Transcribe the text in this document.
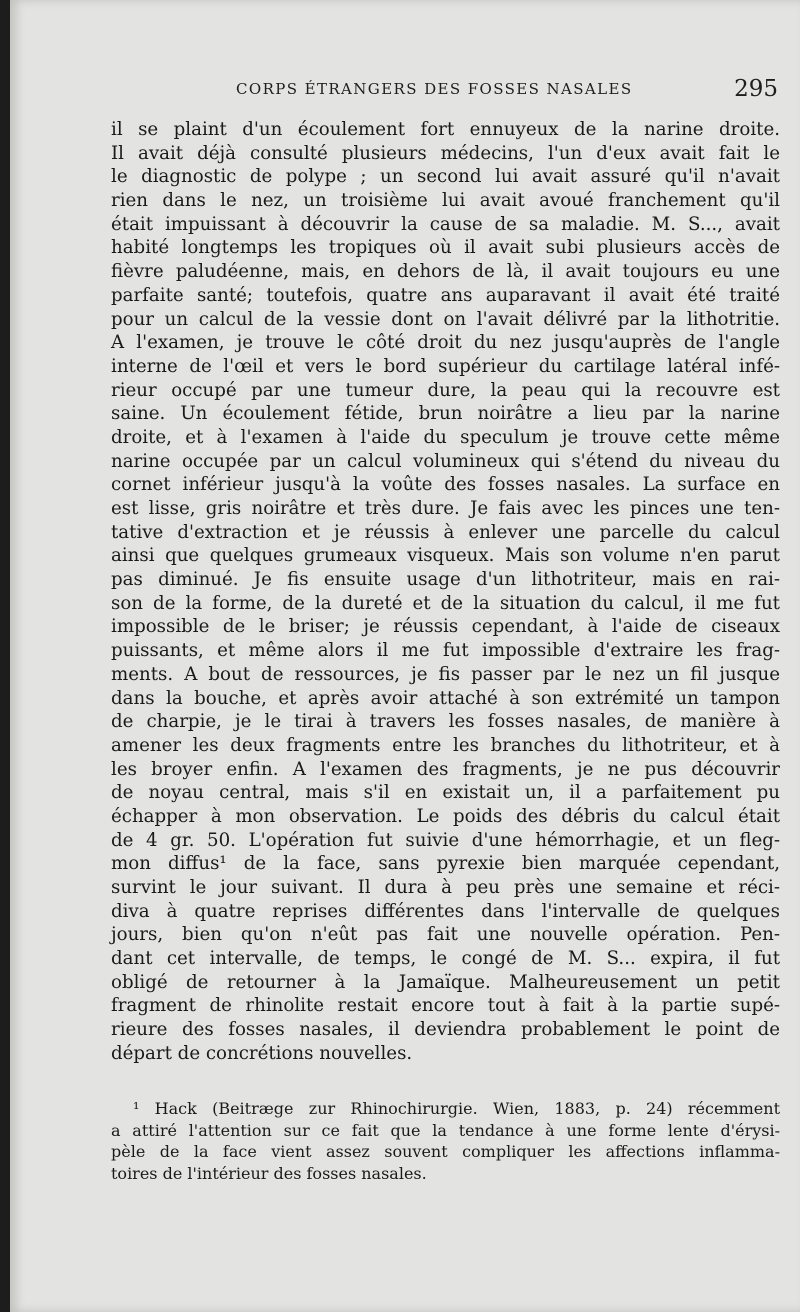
CORPS ÉTRANGERS DES FOSSES NASALES	295
il se plaint d'un écoulement fort ennuyeux de la narine droite.
Il avait déjà consulté plusieurs médecins, l'un d'eux avait fait le
le diagnostic de polype ; un second lui avait assuré qu'il n'avait
rien dans le nez, un troisième lui avait avoué franchement qu'il
était impuissant à découvrir la cause de sa maladie. M. S..., avait
habité longtemps les tropiques où il avait subi plusieurs accès de
fièvre paludéenne, mais, en dehors de là, il avait toujours eu une
parfaite santé; toutefois, quatre ans auparavant il avait été traité
pour un calcul de la vessie dont on l'avait délivré par la lithotritie.
A l'examen, je trouve le côté droit du nez jusqu'auprès de l'angle
interne de l'œil et vers le bord supérieur du cartilage latéral infé-
rieur occupé par une tumeur dure, la peau qui la recouvre est
saine. Un écoulement fétide, brun noirâtre a lieu par la narine
droite, et à l'examen à l'aide du speculum je trouve cette même
narine occupée par un calcul volumineux qui s'étend du niveau du
cornet inférieur jusqu'à la voûte des fosses nasales. La surface en
est lisse, gris noirâtre et très dure. Je fais avec les pinces une ten-
tative d'extraction et je réussis à enlever une parcelle du calcul
ainsi que quelques grumeaux visqueux. Mais son volume n'en parut
pas diminué. Je fis ensuite usage d'un lithotriteur, mais en rai-
son de la forme, de la dureté et de la situation du calcul, il me fut
impossible de le briser; je réussis cependant, à l'aide de ciseaux
puissants, et même alors il me fut impossible d'extraire les frag-
ments. A bout de ressources, je fis passer par le nez un fil jusque
dans la bouche, et après avoir attaché à son extrémité un tampon
de charpie, je le tirai à travers les fosses nasales, de manière à
amener les deux fragments entre les branches du lithotriteur, et à
les broyer enfin. A l'examen des fragments, je ne pus découvrir
de noyau central, mais s'il en existait un, il a parfaitement pu
échapper à mon observation. Le poids des débris du calcul était
de 4 gr. 50. L'opération fut suivie d'une hémorrhagie, et un fleg-
mon diffus¹ de la face, sans pyrexie bien marquée cependant,
survint le jour suivant. Il dura à peu près une semaine et réci-
diva à quatre reprises différentes dans l'intervalle de quelques
jours, bien qu'on n'eût pas fait une nouvelle opération. Pen-
dant cet intervalle, de temps, le congé de M. S... expira, il fut
obligé de retourner à la Jamaïque. Malheureusement un petit
fragment de rhinolite restait encore tout à fait à la partie supé-
rieure des fosses nasales, il deviendra probablement le point de
départ de concrétions nouvelles.
¹ Hack (Beitræge zur Rhinochirurgie. Wien, 1883, p. 24) récemment
a attiré l'attention sur ce fait que la tendance à une forme lente d'érysi-
pèle de la face vient assez souvent compliquer les affections inflamma-
toires de l'intérieur des fosses nasales.
